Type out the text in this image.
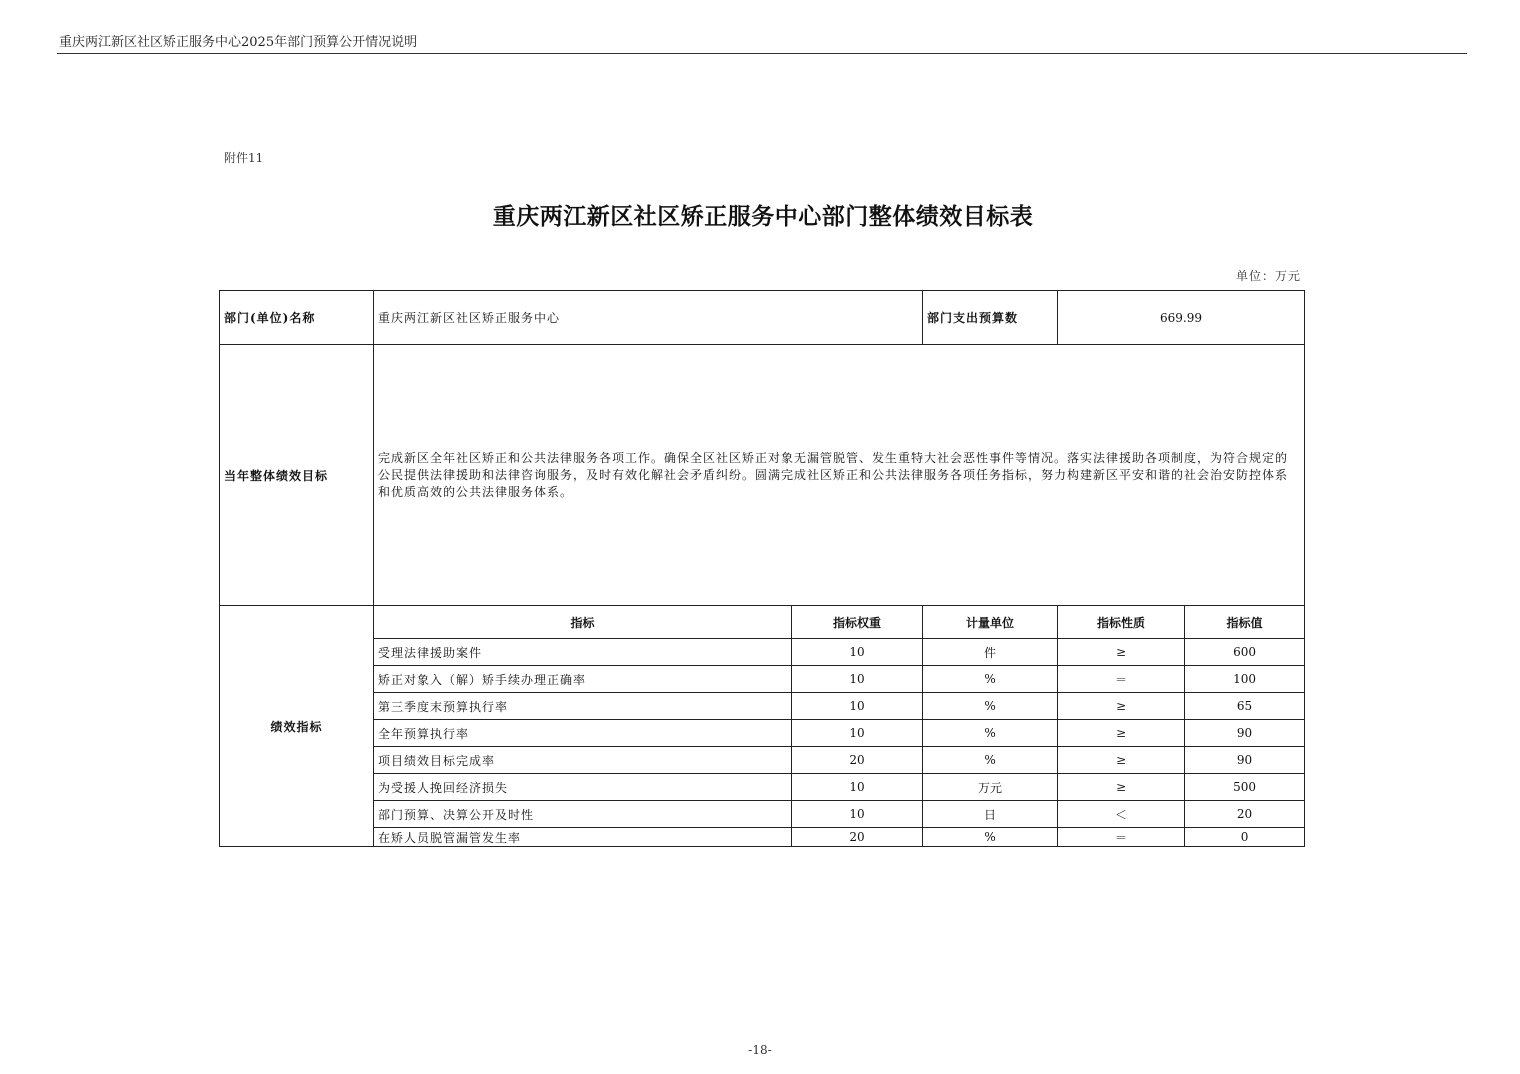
重庆两江新区社区矫正服务中心2025年部门预算公开情况说明
附件11
重庆两江新区社区矫正服务中心部门整体绩效目标表
单位：万元
部门(单位)名称	重庆两江新区社区矫正服务中心		部门支出预算数	669.99	
当年整体绩效目标	完成新区全年社区矫正和公共法律服务各项工作。确保全区社区矫正对象无漏管脱管、发生重特大社会恶性事件等情况。落实法律援助各项制度，为符合规定的公民提供法律援助和法律咨询服务，及时有效化解社会矛盾纠纷。圆满完成社区矫正和公共法律服务各项任务指标，努力构建新区平安和谐的社会治安防控体系和优质高效的公共法律服务体系。				
绩效指标	指标	指标权重	计量单位	指标性质	指标值
	受理法律援助案件	10	件	≥	600
	矫正对象入（解）矫手续办理正确率	10	%	＝	100
	第三季度末预算执行率	10	%	≥	65
	全年预算执行率	10	%	≥	90
	项目绩效目标完成率	20	%	≥	90
	为受援人挽回经济损失	10	万元	≥	500
	部门预算、决算公开及时性	10	日	＜	20
	在矫人员脱管漏管发生率	20	%	＝	0
-18-
